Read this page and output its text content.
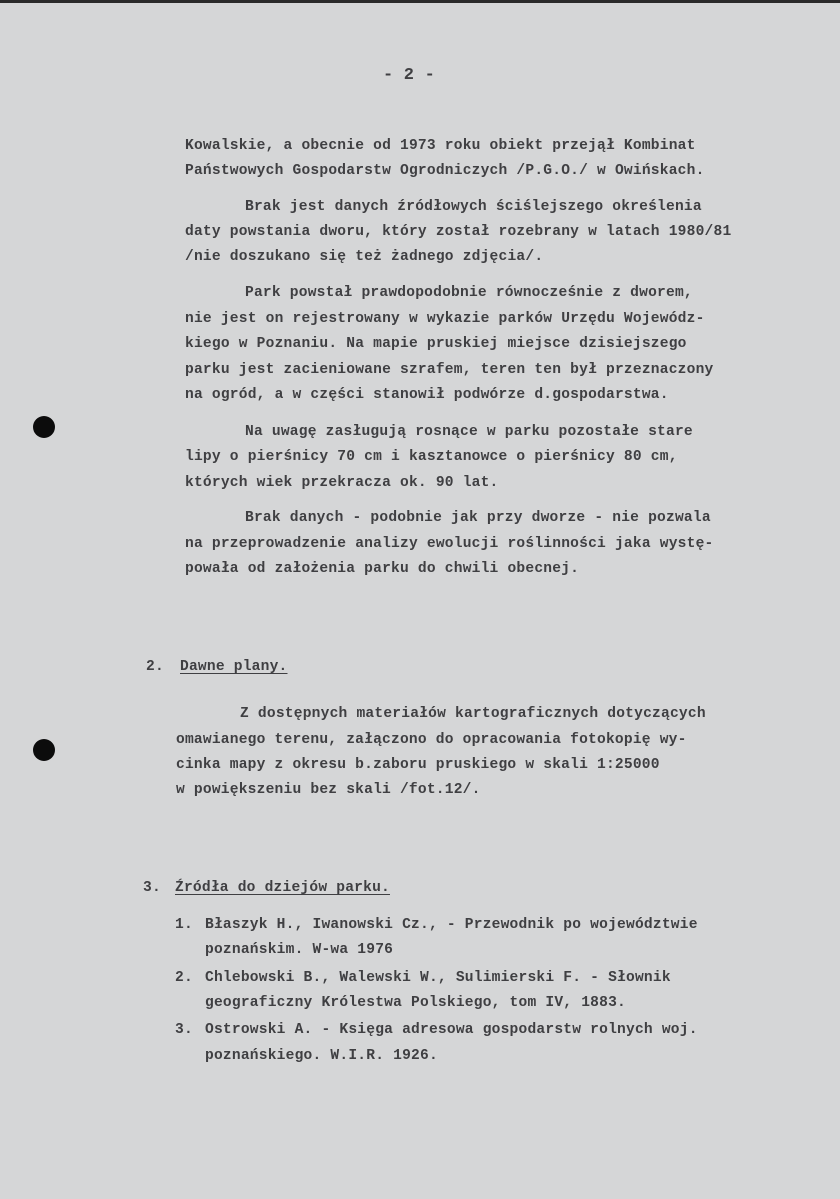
- 2 -
Kowalskie, a obecnie od 1973 roku obiekt przejął Kombinat
Państwowych Gospodarstw Ogrodniczych /P.G.O./ w Owińskach.
Brak jest danych źródłowych ściślejszego określenia
daty powstania dworu, który został rozebrany w latach 1980/81
/nie doszukano się też żadnego zdjęcia/.
Park powstał prawdopodobnie równocześnie z dworem,
nie jest on rejestrowany w wykazie parków Urzędu Wojewódz-
kiego w Poznaniu. Na mapie pruskiej miejsce dzisiejszego
parku jest zacieniowane szrafem, teren ten był przeznaczony
na ogród, a w części stanowił podwórze d.gospodarstwa.
Na uwagę zasługują rosnące w parku pozostałe stare
lipy o pierśnicy 70 cm i kasztanowce o pierśnicy 80 cm,
których wiek przekracza ok. 90 lat.
Brak danych - podobnie jak przy dworze - nie pozwala
na przeprowadzenie analizy ewolucji roślinności jaka wystę-
powała od założenia parku do chwili obecnej.
2. Dawne plany.
Z dostępnych materiałów kartograficznych dotyczących
omawianego terenu, załączono do opracowania fotokopię wy-
cinka mapy z okresu b.zaboru pruskiego w skali 1:25000
w powiększeniu bez skali /fot.12/.
3. Źródła do dziejów parku.
1. Błaszyk H., Iwanowski Cz., - Przewodnik po województwie
poznańskim. W-wa 1976
2. Chlebowski B., Walewski W., Sulimierski F. - Słownik
geograficzny Królestwa Polskiego, tom IV, 1883.
3. Ostrowski A. - Księga adresowa gospodarstw rolnych woj.
poznańskiego. W.I.R. 1926.
